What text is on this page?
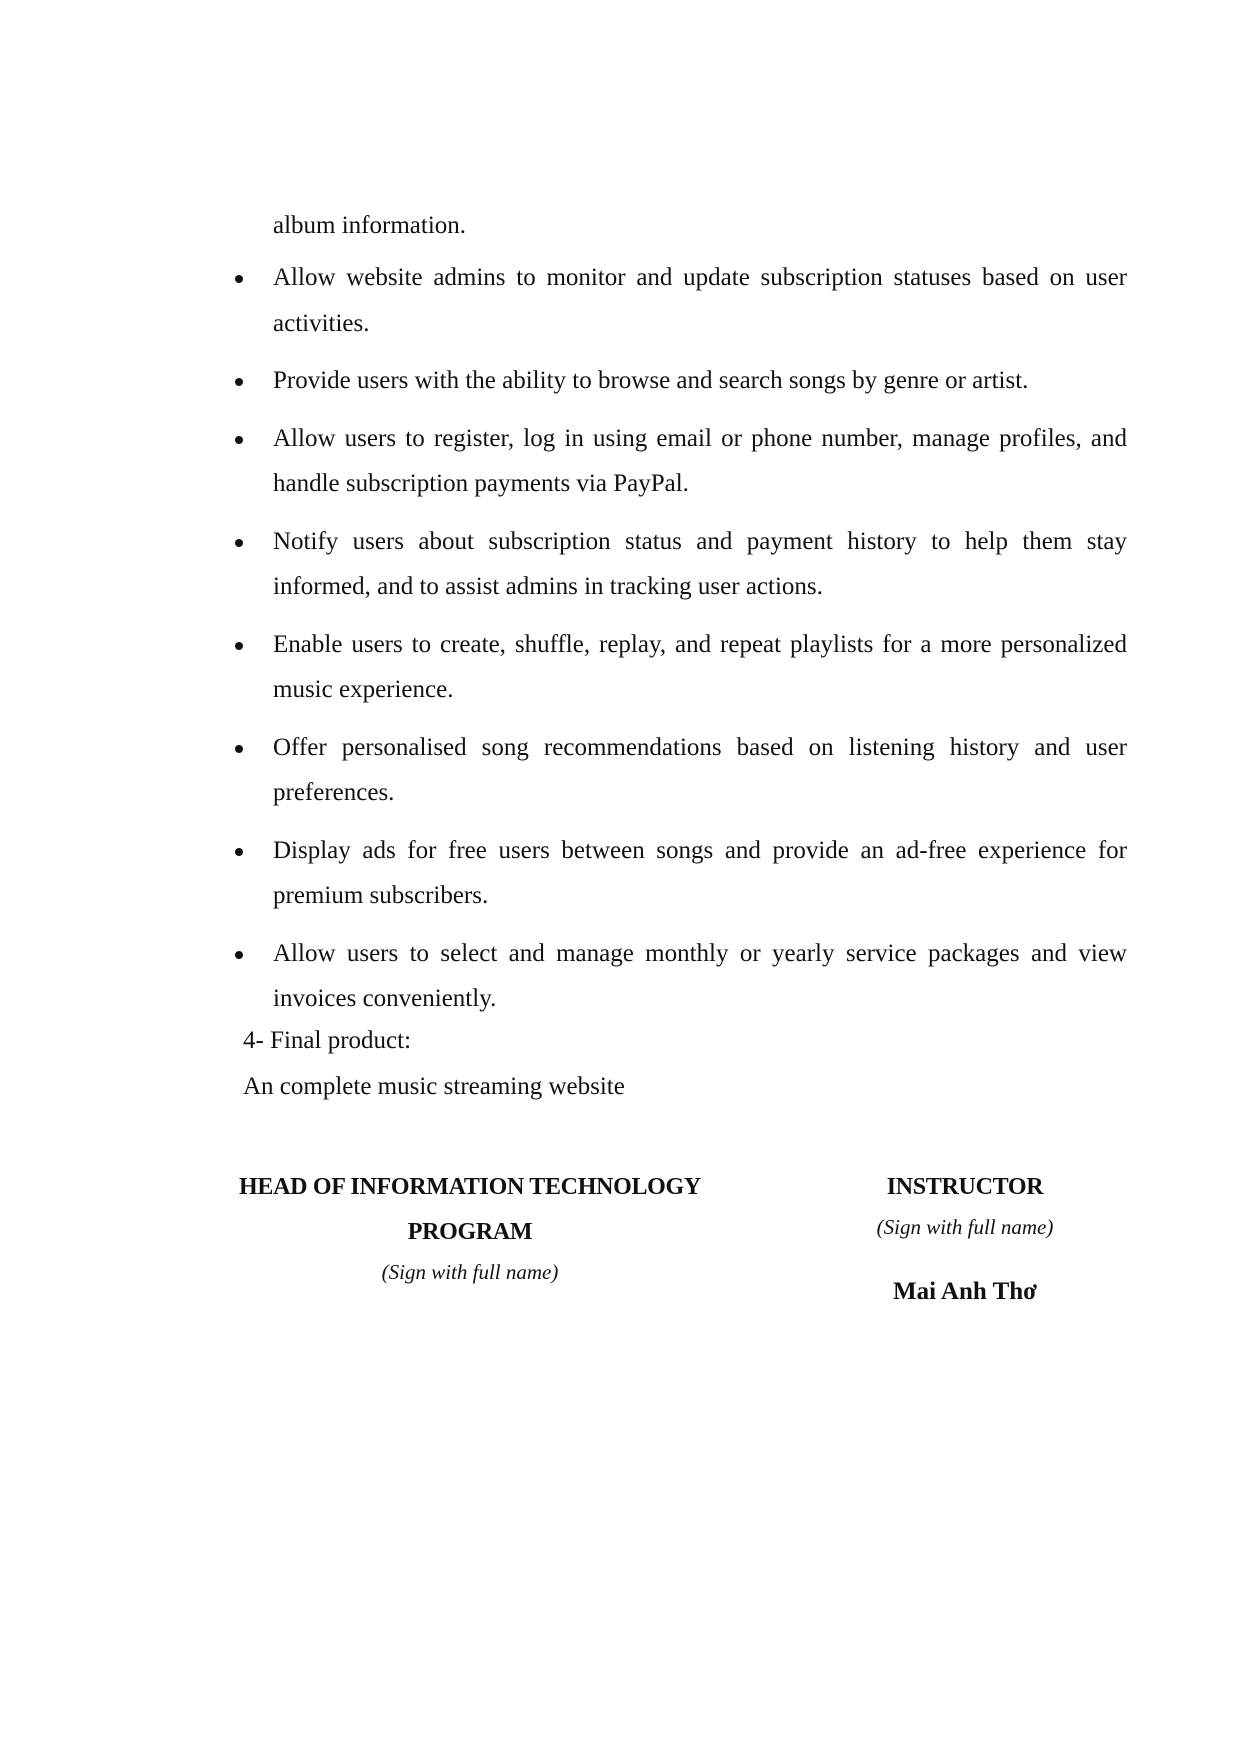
album information.
Allow website admins to monitor and update subscription statuses based on user activities.
Provide users with the ability to browse and search songs by genre or artist.
Allow users to register, log in using email or phone number, manage profiles, and handle subscription payments via PayPal.
Notify users about subscription status and payment history to help them stay informed, and to assist admins in tracking user actions.
Enable users to create, shuffle, replay, and repeat playlists for a more personalized music experience.
Offer personalised song recommendations based on listening history and user preferences.
Display ads for free users between songs and provide an ad-free experience for premium subscribers.
Allow users to select and manage monthly or yearly service packages and view invoices conveniently.
4- Final product:
An complete music streaming website
HEAD OF INFORMATION TECHNOLOGY
PROGRAM
(Sign with full name)
INSTRUCTOR
(Sign with full name)
Mai Anh Thơ
